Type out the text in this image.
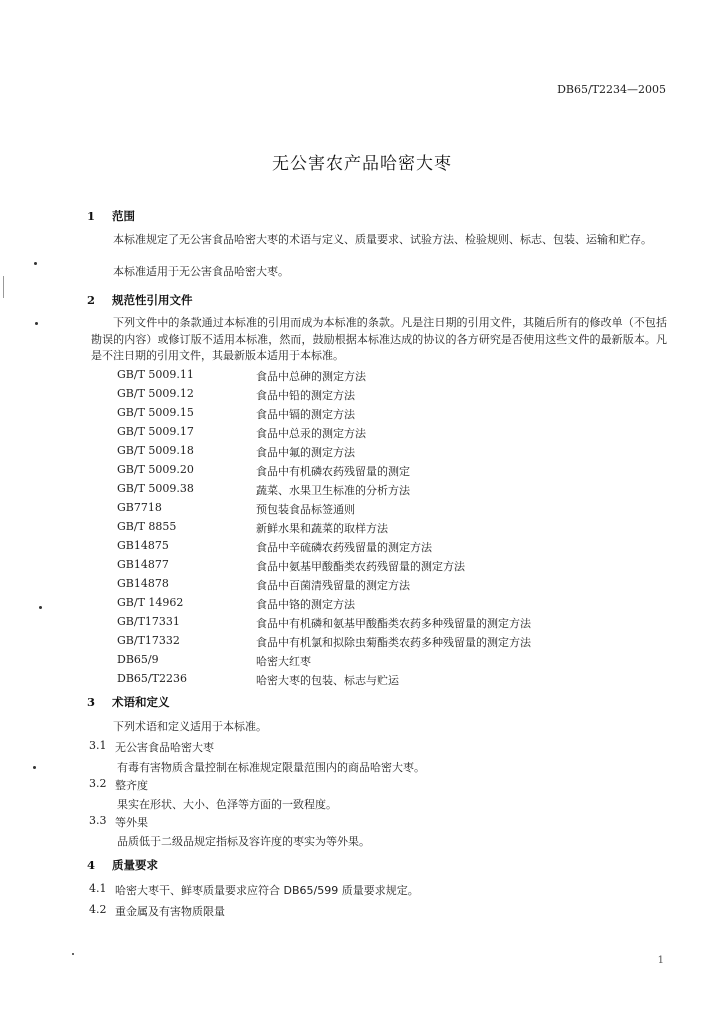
DB65/T2234—2005
无公害农产品哈密大枣
1 范围
本标准规定了无公害食品哈密大枣的术语与定义、质量要求、试验方法、检验规则、标志、包装、运输和贮存。
本标准适用于无公害食品哈密大枣。
2 规范性引用文件
下列文件中的条款通过本标准的引用而成为本标准的条款。凡是注日期的引用文件，其随后所有的修改单（不包括勘误的内容）或修订版不适用本标准，然而，鼓励根据本标准达成的协议的各方研究是否使用这些文件的最新版本。凡是不注日期的引用文件，其最新版本适用于本标准。
GB/T 5009.11	食品中总砷的测定方法
GB/T 5009.12	食品中铅的测定方法
GB/T 5009.15	食品中镉的测定方法
GB/T 5009.17	食品中总汞的测定方法
GB/T 5009.18	食品中氟的测定方法
GB/T 5009.20	食品中有机磷农药残留量的测定
GB/T 5009.38	蔬菜、水果卫生标准的分析方法
GB7718	预包装食品标签通则
GB/T 8855	新鲜水果和蔬菜的取样方法
GB14875	食品中辛硫磷农药残留量的测定方法
GB14877	食品中氨基甲酸酯类农药残留量的测定方法
GB14878	食品中百菌清残留量的测定方法
GB/T 14962	食品中铬的测定方法
GB/T17331	食品中有机磷和氨基甲酸酯类农药多种残留量的测定方法
GB/T17332	食品中有机氯和拟除虫菊酯类农药多种残留量的测定方法
DB65/9	哈密大红枣
DB65/T2236	哈密大枣的包装、标志与贮运
3 术语和定义
下列术语和定义适用于本标准。
3.1 无公害食品哈密大枣
有毒有害物质含量控制在标准规定限量范围内的商品哈密大枣。
3.2 整齐度
果实在形状、大小、色泽等方面的一致程度。
3.3 等外果
品质低于二级品规定指标及容许度的枣实为等外果。
4 质量要求
4.1 哈密大枣干、鲜枣质量要求应符合 DB65/599 质量要求规定。
4.2 重金属及有害物质限量
1
